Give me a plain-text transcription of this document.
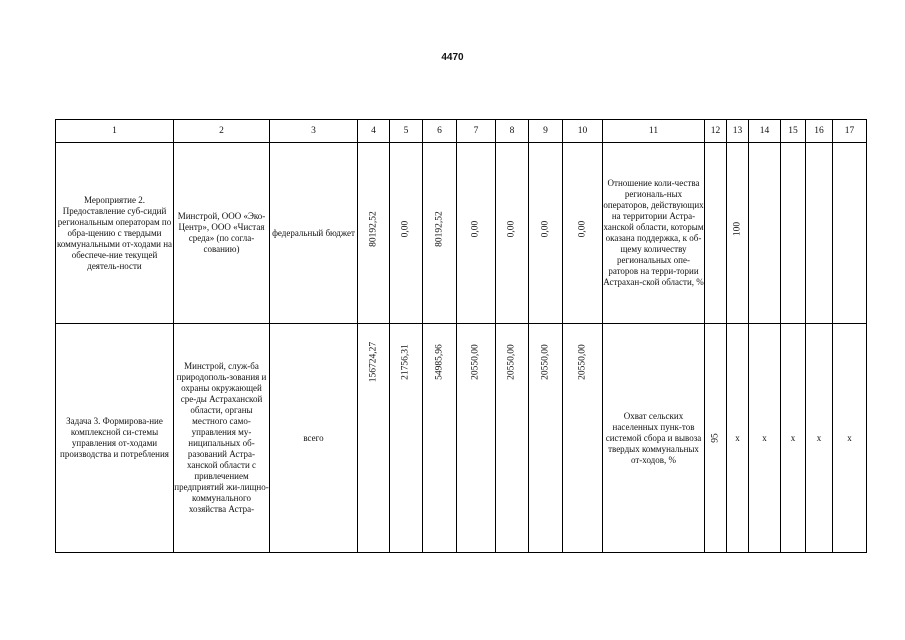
4470
1	2	3	4	5	6	7	8	9	10	11	12	13	14	15	16	17
Мероприятие 2. Предоставление суб-сидий региональным операторам по обра-щению с твердыми коммунальными от-ходами на обеспече-ние текущей деятель-ности	Минстрой, ООО «Эко-Центр», ООО «Чистая среда» (по согла-сованию)	федеральный бюджет	80192,52	0,00	80192,52	0,00	0,00	0,00	0,00	Отношение коли-чества региональ-ных операторов, действующих на территории Астра-ханской области, которым оказана поддержка, к об-щему количеству региональных опе-раторов на терри-тории Астрахан-ской области, %		100				

Задача 3. Формирова-ние комплексной си-стемы управления от-ходами производства и потребления	Минстрой, служ-ба природополь-зования и охраны окружающей сре-ды Астраханской области, органы местного само-управления му-ниципальных об-разований Астра-ханской области с привлечением предприятий жи-лищно-коммунального хозяйства Астра-	всего	156724,27	21756,31	54985,96	20550,00	20550,00	20550,00	20550,00	Охват сельских населенных пунк-тов системой сбора и вывоза твердых коммунальных от-ходов, %	95	x	x	x	x	x
